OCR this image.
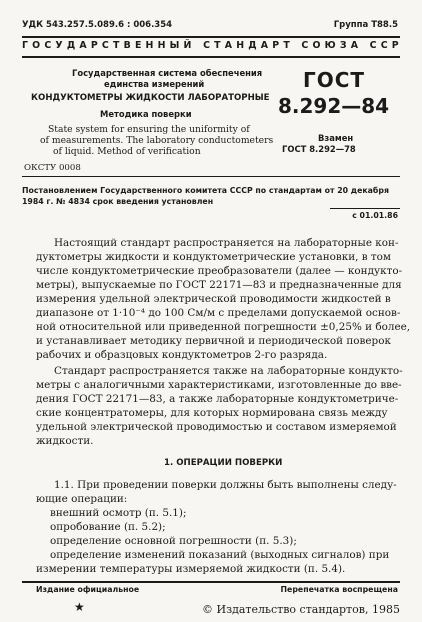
УДК 543.257.5.089.6 : 006.354	Группа Т88.5
ГОСУДАРСТВЕННЫЙ СТАНДАРТ СОЮЗА ССР
Государственная система обеспечения
единства измерений
КОНДУКТОМЕТРЫ ЖИДКОСТИ ЛАБОРАТОРНЫЕ
Методика поверки
State system for ensuring the uniformity of
of measurements. The laboratory conductometers
of liquid. Method of verification
ГОСТ
8.292—84
Взамен
ГОСТ 8.292—78
ОКСТУ 0008
Постановлением Государственного комитета СССР по стандартам от 20 декабря
1984 г. № 4834 срок введения установлен
с 01.01.86
Настоящий стандарт распространяется на лабораторные кон-
дуктометры жидкости и кондуктометрические установки, в том
числе кондуктометрические преобразователи (далее — кондукто-
метры), выпускаемые по ГОСТ 22171—83 и предназначенные для
измерения удельной электрической проводимости жидкостей в
диапазоне от 1·10⁻⁴ до 100 См/м с пределами допускаемой основ-
ной относительной или приведенной погрешности ±0,25% и более,
и устанавливает методику первичной и периодической поверок
рабочих и образцовых кондуктометров 2-го разряда.
Стандарт распространяется также на лабораторные кондукто-
метры с аналогичными характеристиками, изготовленные до вве-
дения ГОСТ 22171—83, а также лабораторные кондуктометриче-
ские концентратомеры, для которых нормирована связь между
удельной электрической проводимостью и составом измеряемой
жидкости.
1. ОПЕРАЦИИ ПОВЕРКИ
1.1. При проведении поверки должны быть выполнены следу-
ющие операции:
внешний осмотр (п. 5.1);
опробование (п. 5.2);
определение основной погрешности (п. 5.3);
определение изменений показаний (выходных сигналов) при
измерении температуры измеряемой жидкости (п. 5.4).
Издание официальное	Перепечатка воспрещена
★	© Издательство стандартов, 1985
